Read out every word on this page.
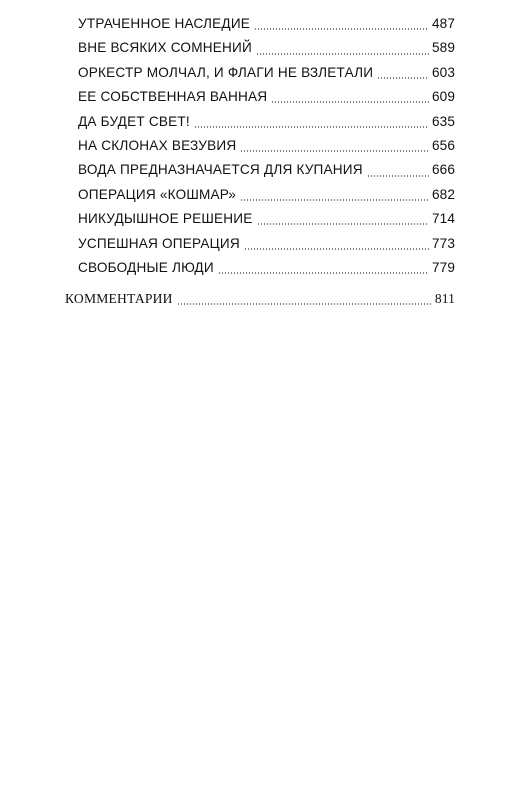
УТРАЧЕННОЕ НАСЛЕДИЕ	487
ВНЕ ВСЯКИХ СОМНЕНИЙ	589
ОРКЕСТР МОЛЧАЛ, И ФЛАГИ НЕ ВЗЛЕТАЛИ	603
ЕЕ СОБСТВЕННАЯ ВАННАЯ	609
ДА БУДЕТ СВЕТ!	635
НА СКЛОНАХ ВЕЗУВИЯ	656
ВОДА ПРЕДНАЗНАЧАЕТСЯ ДЛЯ КУПАНИЯ	666
ОПЕРАЦИЯ «КОШМАР»	682
НИКУДЫШНОЕ РЕШЕНИЕ	714
УСПЕШНАЯ ОПЕРАЦИЯ	773
СВОБОДНЫЕ ЛЮДИ	779
КОММЕНТАРИИ	811
